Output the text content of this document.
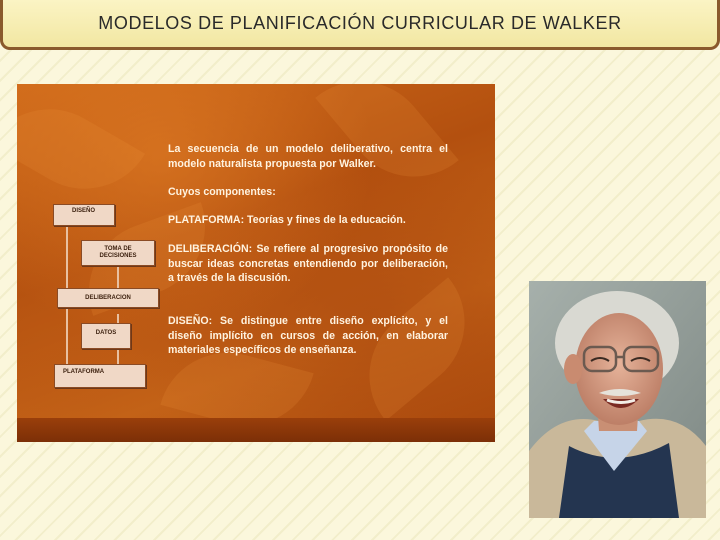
MODELOS DE PLANIFICACIÓN CURRICULAR DE WALKER
DISEÑO
TOMA DE DECISIONES
DELIBERACION
DATOS
PLATAFORMA

La secuencia de un modelo deliberativo, centra el modelo naturalista propuesta por Walker.

Cuyos componentes:

PLATAFORMA: Teorías y fines de la educación.

DELIBERACIÓN: Se refiere al progresivo propósito de buscar ideas concretas entendiendo por deliberación, a través de la discusión.

DISEÑO: Se distingue entre diseño explícito, y el diseño implícito en cursos de acción, en elaborar materiales específicos de enseñanza.
